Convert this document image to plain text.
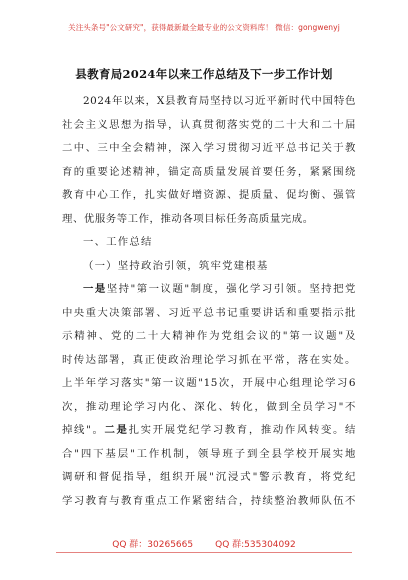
关注头条号"公文研究"，获得最新最全最专业的公文资料库！ 微信：gongwenyj
县教育局2024年以来工作总结及下一步工作计划
2024年以来，X县教育局坚持以习近平新时代中国特色
社会主义思想为指导，认真贯彻落实党的二十大和二十届
二中、三中全会精神，深入学习贯彻习近平总书记关于教
育的重要论述精神，锚定高质量发展首要任务，紧紧围绕
教育中心工作，扎实做好增资源、提质量、促均衡、强管
理、优服务等工作，推动各项目标任务高质量完成。
一、工作总结
（一）坚持政治引领，筑牢党建根基
一是坚持"第一议题"制度，强化学习引领。坚持把党
中央重大决策部署、习近平总书记重要讲话和重要指示批
示精神、党的二十大精神作为党组会议的"第一议题"及
时传达部署，真正使政治理论学习抓在平常，落在实处。
上半年学习落实"第一议题"15次，开展中心组理论学习6
次，推动理论学习内化、深化、转化，做到全员学习"不
掉线"。二是扎实开展党纪学习教育，推动作风转变。结
合"四下基层"工作机制，领导班子到全县学校开展实地
调研和督促指导，组织开展"沉浸式"警示教育，将党纪
学习教育与教育重点工作紧密结合，持续整治教师队伍不
QQ 群：30265665 QQ 群:535304092
